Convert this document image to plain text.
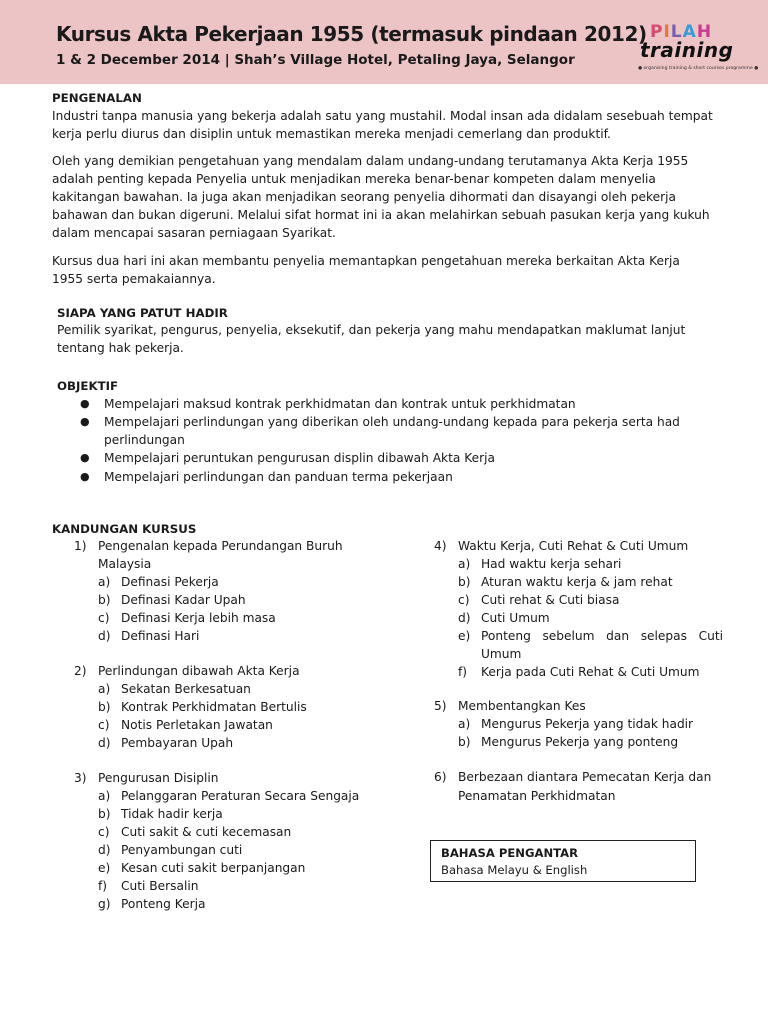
Kursus Akta Pekerjaan 1955 (termasuk pindaan 2012)
1 & 2 December 2014 | Shah’s Village Hotel, Petaling Jaya, Selangor
PILAH
training
● organising training & short courses programme ●
PENGENALAN
Industri tanpa manusia yang bekerja adalah satu yang mustahil. Modal insan ada didalam sesebuah tempat
kerja perlu diurus dan disiplin untuk memastikan mereka menjadi cemerlang dan produktif.
Oleh yang demikian pengetahuan yang mendalam dalam undang-undang terutamanya Akta Kerja 1955
adalah penting kepada Penyelia untuk menjadikan mereka benar-benar kompeten dalam menyelia
kakitangan bawahan. Ia juga akan menjadikan seorang penyelia dihormati dan disayangi oleh pekerja
bahawan dan bukan digeruni. Melalui sifat hormat ini ia akan melahirkan sebuah pasukan kerja yang kukuh
dalam mencapai sasaran perniagaan Syarikat.
Kursus dua hari ini akan membantu penyelia memantapkan pengetahuan mereka berkaitan Akta Kerja
1955 serta pemakaiannya.
SIAPA YANG PATUT HADIR
Pemilik syarikat, pengurus, penyelia, eksekutif, dan pekerja yang mahu mendapatkan maklumat lanjut
tentang hak pekerja.
OBJEKTIF
● Mempelajari maksud kontrak perkhidmatan dan kontrak untuk perkhidmatan
● Mempelajari perlindungan yang diberikan oleh undang-undang kepada para pekerja serta had
perlindungan
● Mempelajari peruntukan pengurusan displin dibawah Akta Kerja
● Mempelajari perlindungan dan panduan terma pekerjaan
KANDUNGAN KURSUS
1) Pengenalan kepada Perundangan Buruh
Malaysia
a) Definasi Pekerja
b) Definasi Kadar Upah
c) Definasi Kerja lebih masa
d) Definasi Hari
2) Perlindungan dibawah Akta Kerja
a) Sekatan Berkesatuan
b) Kontrak Perkhidmatan Bertulis
c) Notis Perletakan Jawatan
d) Pembayaran Upah
3) Pengurusan Disiplin
a) Pelanggaran Peraturan Secara Sengaja
b) Tidak hadir kerja
c) Cuti sakit & cuti kecemasan
d) Penyambungan cuti
e) Kesan cuti sakit berpanjangan
f) Cuti Bersalin
g) Ponteng Kerja
4) Waktu Kerja, Cuti Rehat & Cuti Umum
a) Had waktu kerja sehari
b) Aturan waktu kerja & jam rehat
c) Cuti rehat & Cuti biasa
d) Cuti Umum
e) Ponteng   sebelum   dan   selepas   Cuti
Umum
f) Kerja pada Cuti Rehat & Cuti Umum
5) Membentangkan Kes
a) Mengurus Pekerja yang tidak hadir
b) Mengurus Pekerja yang ponteng
6) Berbezaan diantara Pemecatan Kerja dan
Penamatan Perkhidmatan
BAHASA PENGANTAR
Bahasa Melayu & English
